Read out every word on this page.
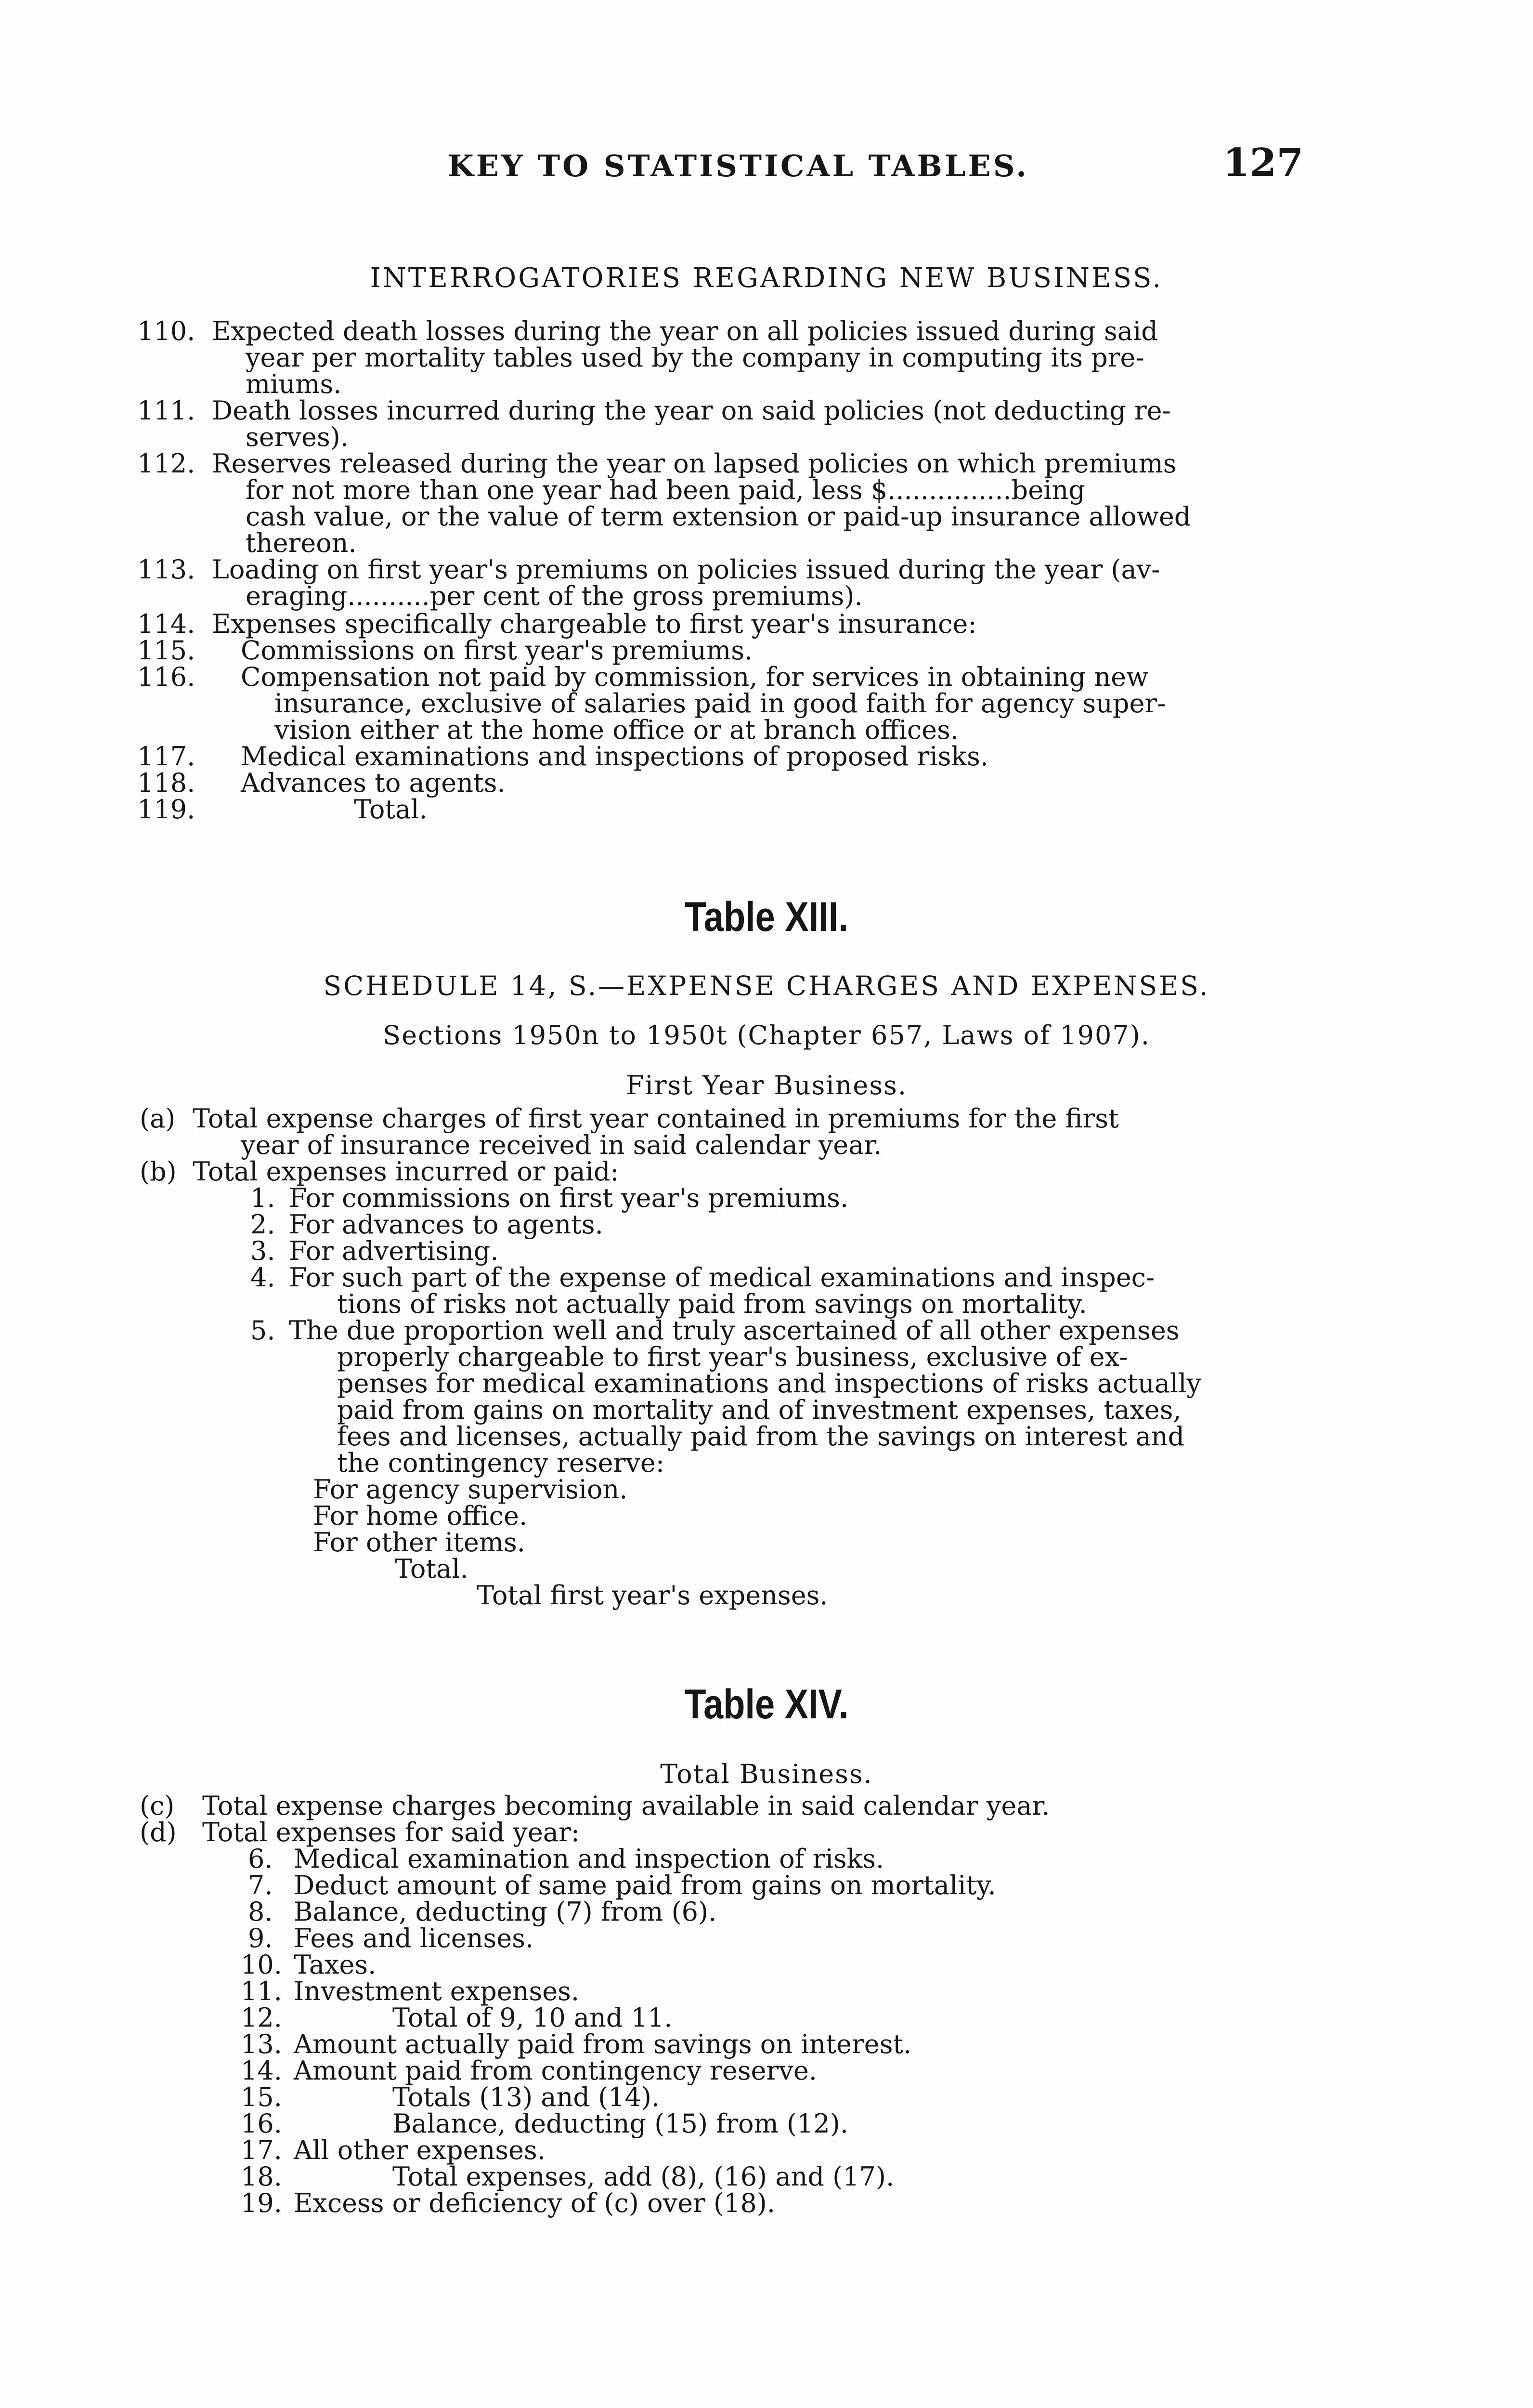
KEY TO STATISTICAL TABLES.	127
INTERROGATORIES REGARDING NEW BUSINESS.
110. Expected death losses during the year on all policies issued during said
year per mortality tables used by the company in computing its pre-
miums.
111. Death losses incurred during the year on said policies (not deducting re-
serves).
112. Reserves released during the year on lapsed policies on which premiums
for not more than one year had been paid, less $...............being
cash value, or the value of term extension or paid-up insurance allowed
thereon.
113. Loading on first year's premiums on policies issued during the year (av-
eraging..........per cent of the gross premiums).
114. Expenses specifically chargeable to first year's insurance:
115. Commissions on first year's premiums.
116. Compensation not paid by commission, for services in obtaining new
insurance, exclusive of salaries paid in good faith for agency super-
vision either at the home office or at branch offices.
117. Medical examinations and inspections of proposed risks.
118. Advances to agents.
119.	Total.
Table XIII.
SCHEDULE 14, S.—EXPENSE CHARGES AND EXPENSES.
Sections 1950n to 1950t (Chapter 657, Laws of 1907).
First Year Business.
(a) Total expense charges of first year contained in premiums for the first
year of insurance received in said calendar year.
(b) Total expenses incurred or paid:
1. For commissions on first year's premiums.
2. For advances to agents.
3. For advertising.
4. For such part of the expense of medical examinations and inspec-
tions of risks not actually paid from savings on mortality.
5. The due proportion well and truly ascertained of all other expenses
properly chargeable to first year's business, exclusive of ex-
penses for medical examinations and inspections of risks actually
paid from gains on mortality and of investment expenses, taxes,
fees and licenses, actually paid from the savings on interest and
the contingency reserve:
For agency supervision.
For home office.
For other items.
Total.
Total first year's expenses.
Table XIV.
Total Business.
(c) Total expense charges becoming available in said calendar year.
(d) Total expenses for said year:
6. Medical examination and inspection of risks.
7. Deduct amount of same paid from gains on mortality.
8. Balance, deducting (7) from (6).
9. Fees and licenses.
10. Taxes.
11. Investment expenses.
12.	Total of 9, 10 and 11.
13. Amount actually paid from savings on interest.
14. Amount paid from contingency reserve.
15.	Totals (13) and (14).
16.	Balance, deducting (15) from (12).
17. All other expenses.
18.	Total expenses, add (8), (16) and (17).
19. Excess or deficiency of (c) over (18).
